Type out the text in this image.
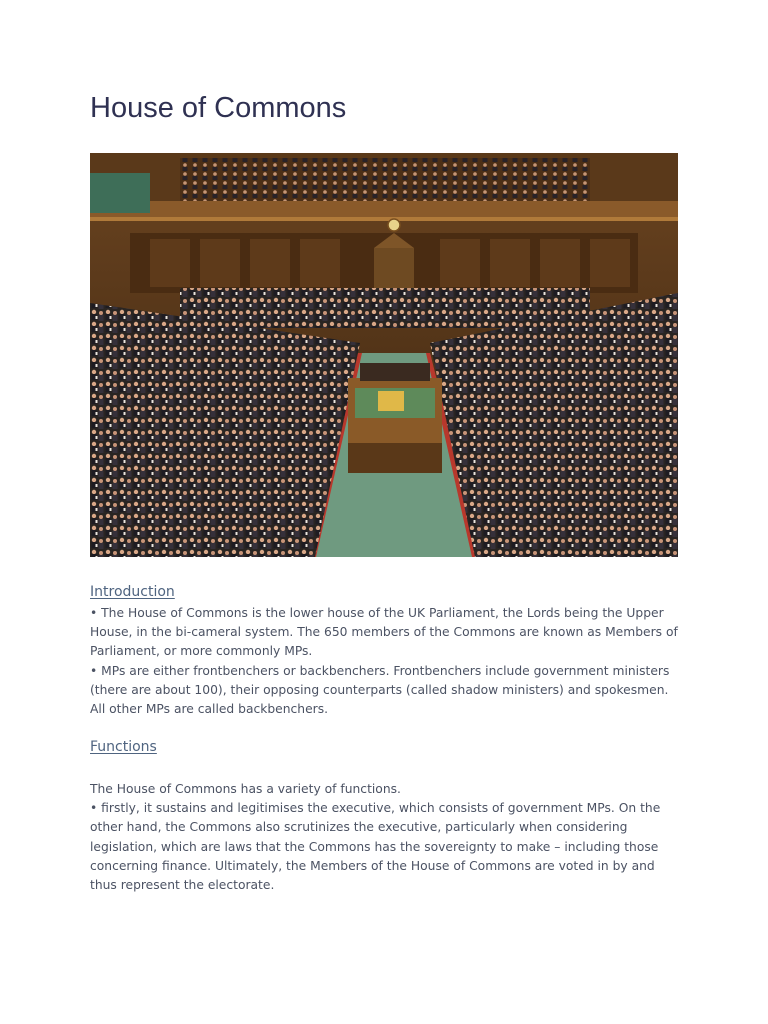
House of Commons
Introduction

• The House of Commons is the lower house of the UK Parliament, the Lords being the Upper House, in the bi-cameral system. The 650 members of the Commons are known as Members of Parliament, or more commonly MPs.

• MPs are either frontbenchers or backbenchers. Frontbenchers include government ministers (there are about 100), their opposing counterparts (called shadow ministers) and spokesmen. All other MPs are called backbenchers.

Functions

The House of Commons has a variety of functions.

• firstly, it sustains and legitimises the executive, which consists of government MPs. On the other hand, the Commons also scrutinizes the executive, particularly when considering legislation, which are laws that the Commons has the sovereignty to make – including those concerning finance. Ultimately, the Members of the House of Commons are voted in by and thus represent the electorate.
